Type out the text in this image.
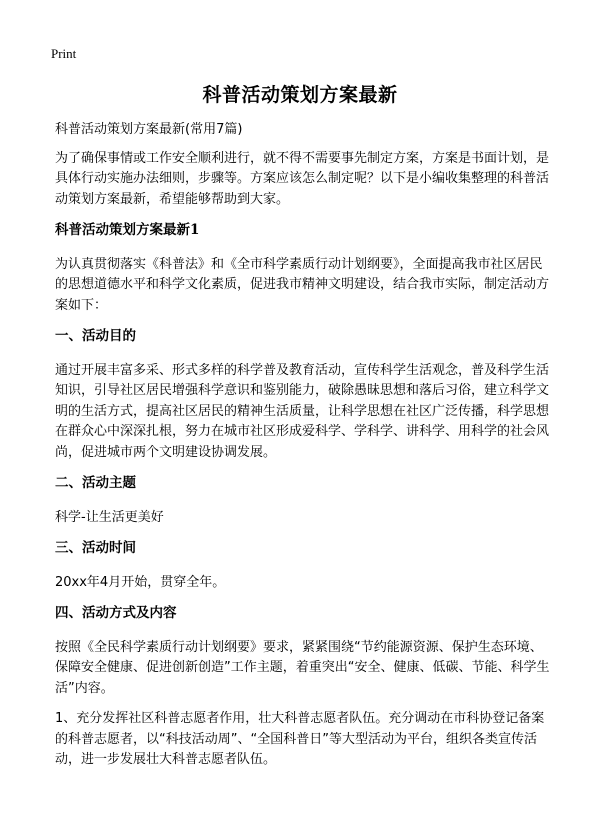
Print
科普活动策划方案最新

科普活动策划方案最新(常用7篇)

为了确保事情或工作安全顺利进行，就不得不需要事先制定方案，方案是书面计划，是具体行动实施办法细则，步骤等。方案应该怎么制定呢？以下是小编收集整理的科普活动策划方案最新，希望能够帮助到大家。

科普活动策划方案最新1

为认真贯彻落实《科普法》和《全市科学素质行动计划纲要》，全面提高我市社区居民的思想道德水平和科学文化素质，促进我市精神文明建设，结合我市实际，制定活动方案如下：

一、活动目的

通过开展丰富多采、形式多样的科学普及教育活动，宣传科学生活观念，普及科学生活知识，引导社区居民增强科学意识和鉴别能力，破除愚昧思想和落后习俗，建立科学文明的生活方式，提高社区居民的精神生活质量，让科学思想在社区广泛传播，科学思想在群众心中深深扎根，努力在城市社区形成爱科学、学科学、讲科学、用科学的社会风尚，促进城市两个文明建设协调发展。

二、活动主题

科学-让生活更美好

三、活动时间

20xx年4月开始，贯穿全年。

四、活动方式及内容

按照《全民科学素质行动计划纲要》要求，紧紧围绕“节约能源资源、保护生态环境、保障安全健康、促进创新创造”工作主题，着重突出“安全、健康、低碳、节能、科学生活”内容。

1、充分发挥社区科普志愿者作用，壮大科普志愿者队伍。充分调动在市科协登记备案的科普志愿者，以“科技活动周”、“全国科普日”等大型活动为平台，组织各类宣传活动，进一步发展壮大科普志愿者队伍。
